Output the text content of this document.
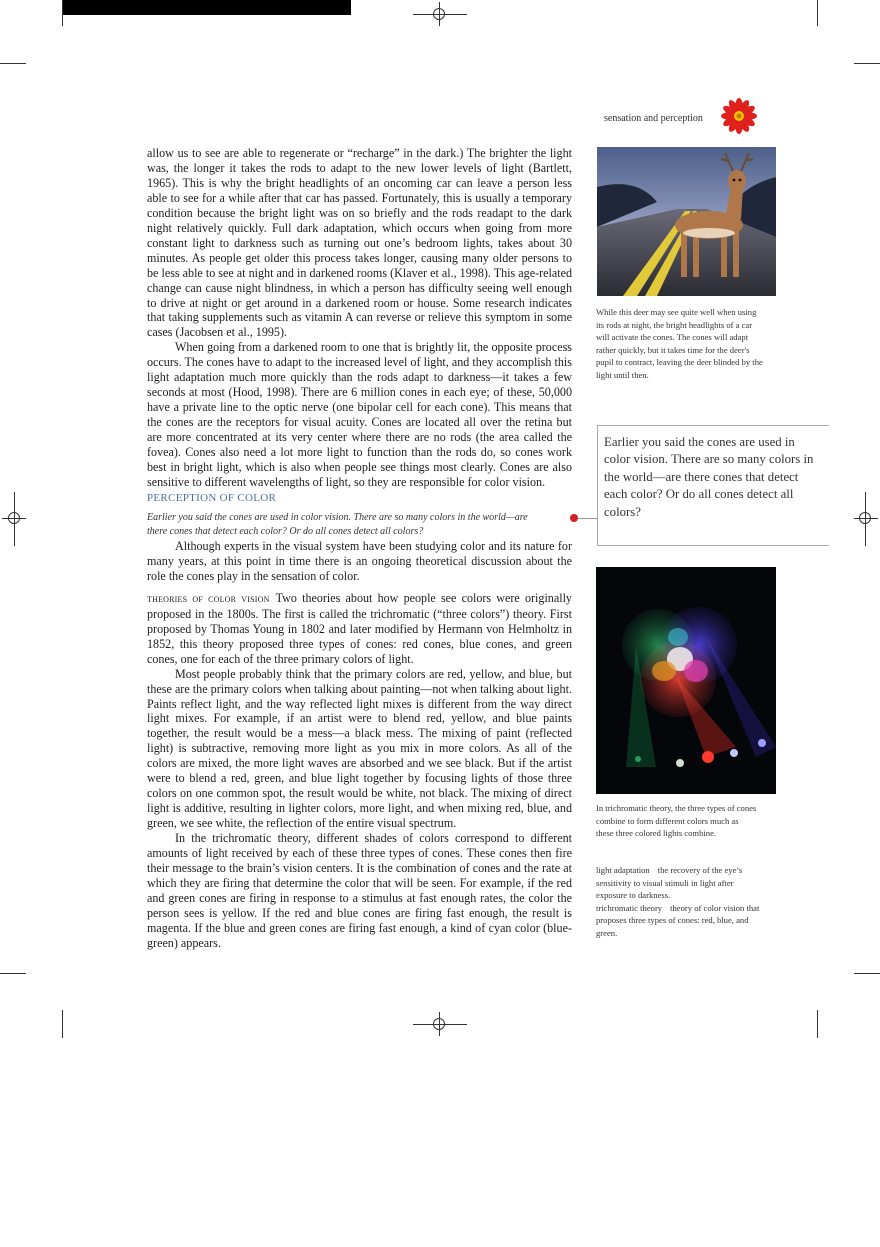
sensation and perception

allow us to see are able to regenerate or “recharge” in the dark.) The brighter the light was, the longer it takes the rods to adapt to the new lower levels of light (Bartlett, 1965). This is why the bright headlights of an oncoming car can leave a person less able to see for a while after that car has passed. Fortunately, this is usually a temporary condition because the bright light was on so briefly and the rods readapt to the dark night relatively quickly. Full dark adaptation, which occurs when going from more constant light to darkness such as turning out one’s bedroom lights, takes about 30 minutes. As people get older this process takes longer, causing many older persons to be less able to see at night and in darkened rooms (Klaver et al., 1998). This age-related change can cause night blindness, in which a person has difficulty seeing well enough to drive at night or get around in a darkened room or house. Some research indicates that taking supplements such as vitamin A can reverse or relieve this symptom in some cases (Jacobsen et al., 1995).

When going from a darkened room to one that is brightly lit, the opposite process occurs. The cones have to adapt to the increased level of light, and they accomplish this light adaptation much more quickly than the rods adapt to darkness—it takes a few seconds at most (Hood, 1998). There are 6 million cones in each eye; of these, 50,000 have a private line to the optic nerve (one bipolar cell for each cone). This means that the cones are the receptors for visual acuity. Cones are located all over the retina but are more concentrated at its very center where there are no rods (the area called the fovea). Cones also need a lot more light to function than the rods do, so cones work best in bright light, which is also when people see things most clearly. Cones are also sensitive to different wavelengths of light, so they are responsible for color vision.

PERCEPTION OF COLOR
Earlier you said the cones are used in color vision. There are so many colors in the world—are there cones that detect each color? Or do all cones detect all colors?

Although experts in the visual system have been studying color and its nature for many years, at this point in time there is an ongoing theoretical discussion about the role the cones play in the sensation of color.

theories of color vision Two theories about how people see colors were originally proposed in the 1800s. The first is called the trichromatic (“three colors”) theory. First proposed by Thomas Young in 1802 and later modified by Hermann von Helmholtz in 1852, this theory proposed three types of cones: red cones, blue cones, and green cones, one for each of the three primary colors of light.

Most people probably think that the primary colors are red, yellow, and blue, but these are the primary colors when talking about painting—not when talking about light. Paints reflect light, and the way reflected light mixes is different from the way direct light mixes. For example, if an artist were to blend red, yellow, and blue paints together, the result would be a mess—a black mess. The mixing of paint (reflected light) is subtractive, removing more light as you mix in more colors. As all of the colors are mixed, the more light waves are absorbed and we see black. But if the artist were to blend a red, green, and blue light together by focusing lights of those three colors on one common spot, the result would be white, not black. The mixing of direct light is additive, resulting in lighter colors, more light, and when mixing red, blue, and green, we see white, the reflection of the entire visual spectrum.

In the trichromatic theory, different shades of colors correspond to different amounts of light received by each of these three types of cones. These cones then fire their message to the brain’s vision centers. It is the combination of cones and the rate at which they are firing that determine the color that will be seen. For example, if the red and green cones are firing in response to a stimulus at fast enough rates, the color the person sees is yellow. If the red and blue cones are firing fast enough, the result is magenta. If the blue and green cones are firing fast enough, a kind of cyan color (blue-green) appears.

While this deer may see quite well when using its rods at night, the bright headlights of a car will activate the cones. The cones will adapt rather quickly, but it takes time for the deer's pupil to contract, leaving the deer blinded by the light until then.
Earlier you said the cones are used in color vision. There are so many colors in the world—are there cones that detect each color? Or do all cones detect all colors?
In trichromatic theory, the three types of cones combine to form different colors much as these three colored lights combine.
light adaptation the recovery of the eye’s sensitivity to visual stimuli in light after exposure to darkness.
trichromatic theory theory of color vision that proposes three types of cones: red, blue, and green.
